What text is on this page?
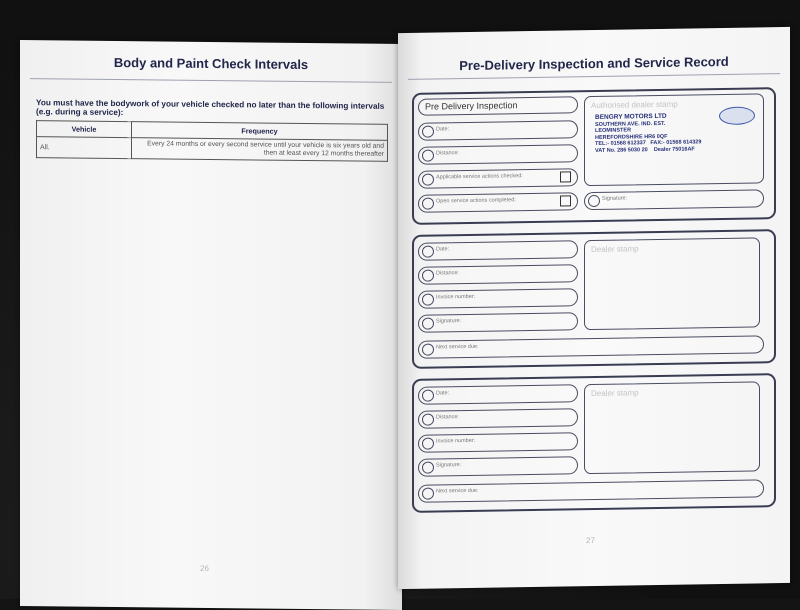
Body and Paint Check Intervals
You must have the bodywork of your vehicle checked no later than the following intervals (e.g. during a service):
Vehicle	Frequency
All.	Every 24 months or every second service until your vehicle is six years old and then at least every 12 months thereafter
26
Pre-Delivery Inspection and Service Record
Pre Delivery Inspection
Date:
Distance:
Applicable service actions checked:
Open service actions completed:
Authorised dealer stamp
BENGRY MOTORS LTD
SOUTHERN AVE. IND. EST.
LEOMINSTER
HEREFORDSHIRE HR6 0QF
TEL:- 01568 612337 FAX:- 01568 614329
VAT No. 286 5030 20 Dealer 75016AF
Signature:
Date:
Distance:
Invoice number:
Signature:
Next service due:
Dealer stamp
Date:
Distance:
Invoice number:
Signature:
Next service due:
Dealer stamp
27
